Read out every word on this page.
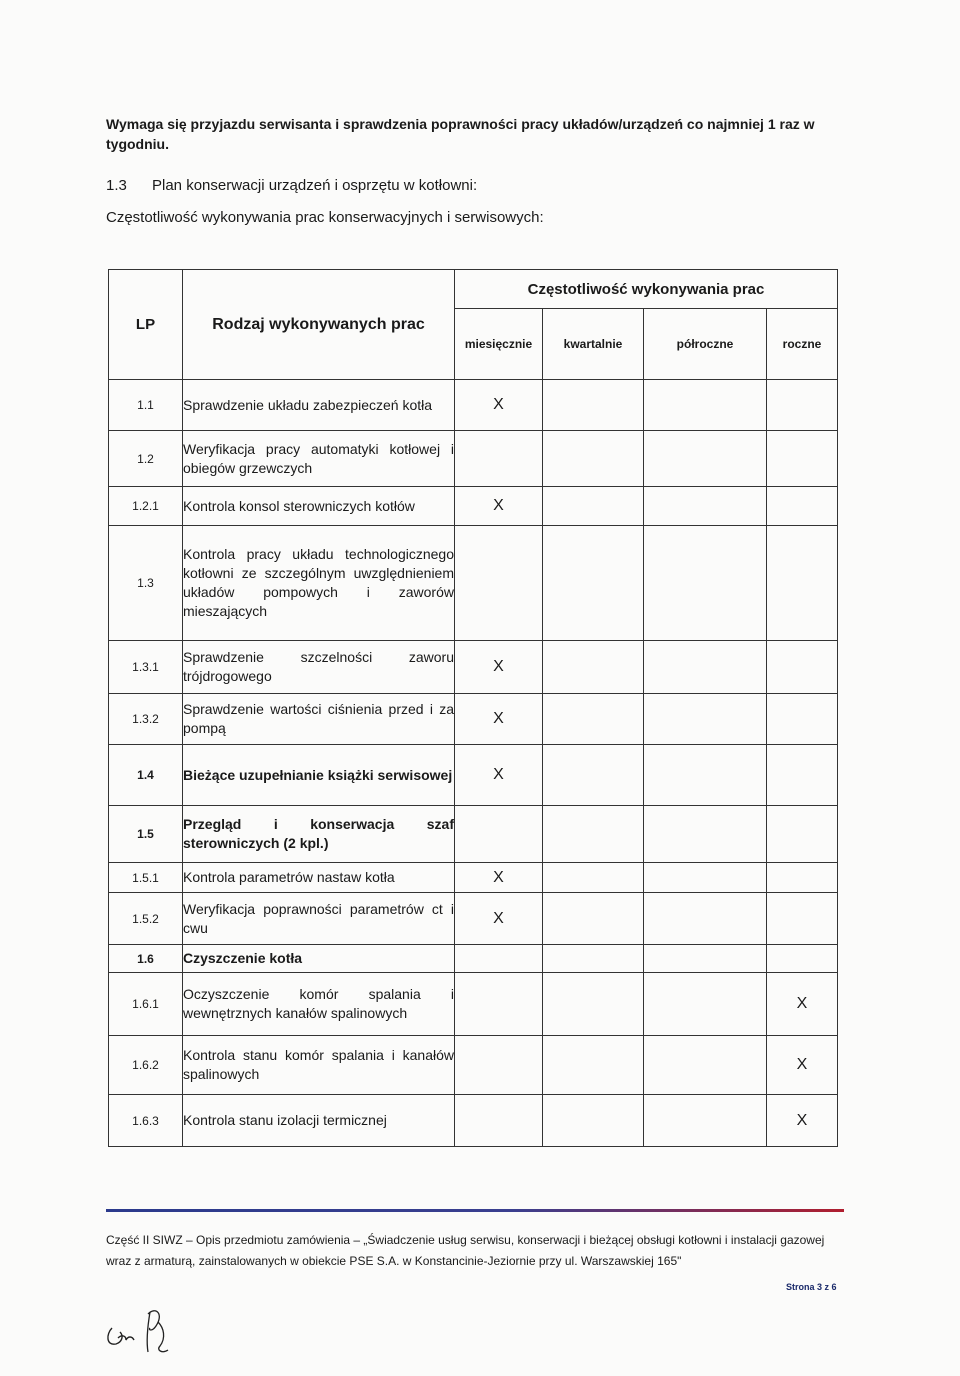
Wymaga się przyjazdu serwisanta i sprawdzenia poprawności pracy układów/urządzeń co najmniej 1 raz w tygodniu.
1.3 Plan konserwacji urządzeń i osprzętu w kotłowni:
Częstotliwość wykonywania prac konserwacyjnych i serwisowych:
LP	Rodzaj wykonywanych prac	Częstotliwość wykonywania prac			
		miesięcznie	kwartalnie	półroczne	roczne
1.1	Sprawdzenie układu zabezpieczeń kotła	X			
1.2	Weryfikacja pracy automatyki kotłowej i obiegów grzewczych				
1.2.1	Kontrola konsol sterowniczych kotłów	X			
1.3	Kontrola pracy układu technologicznego kotłowni ze szczególnym uwzględnieniem układów pompowych i zaworów mieszających				
1.3.1	Sprawdzenie szczelności zaworu trójdrogowego	X			
1.3.2	Sprawdzenie wartości ciśnienia przed i za pompą	X			
1.4	Bieżące uzupełnianie książki serwisowej	X			
1.5	Przegląd i konserwacja szaf sterowniczych (2 kpl.)				
1.5.1	Kontrola parametrów nastaw kotła	X			
1.5.2	Weryfikacja poprawności parametrów ct i cwu	X			
1.6	Czyszczenie kotła				
1.6.1	Oczyszczenie komór spalania i wewnętrznych kanałów spalinowych				X
1.6.2	Kontrola stanu komór spalania i kanałów spalinowych				X
1.6.3	Kontrola stanu izolacji termicznej				X
Część II SIWZ – Opis przedmiotu zamówienia – „Świadczenie usług serwisu, konserwacji i bieżącej obsługi kotłowni i instalacji gazowej wraz z armaturą, zainstalowanych w obiekcie PSE S.A. w Konstancinie-Jeziornie przy ul. Warszawskiej 165"
Strona 3 z 6
